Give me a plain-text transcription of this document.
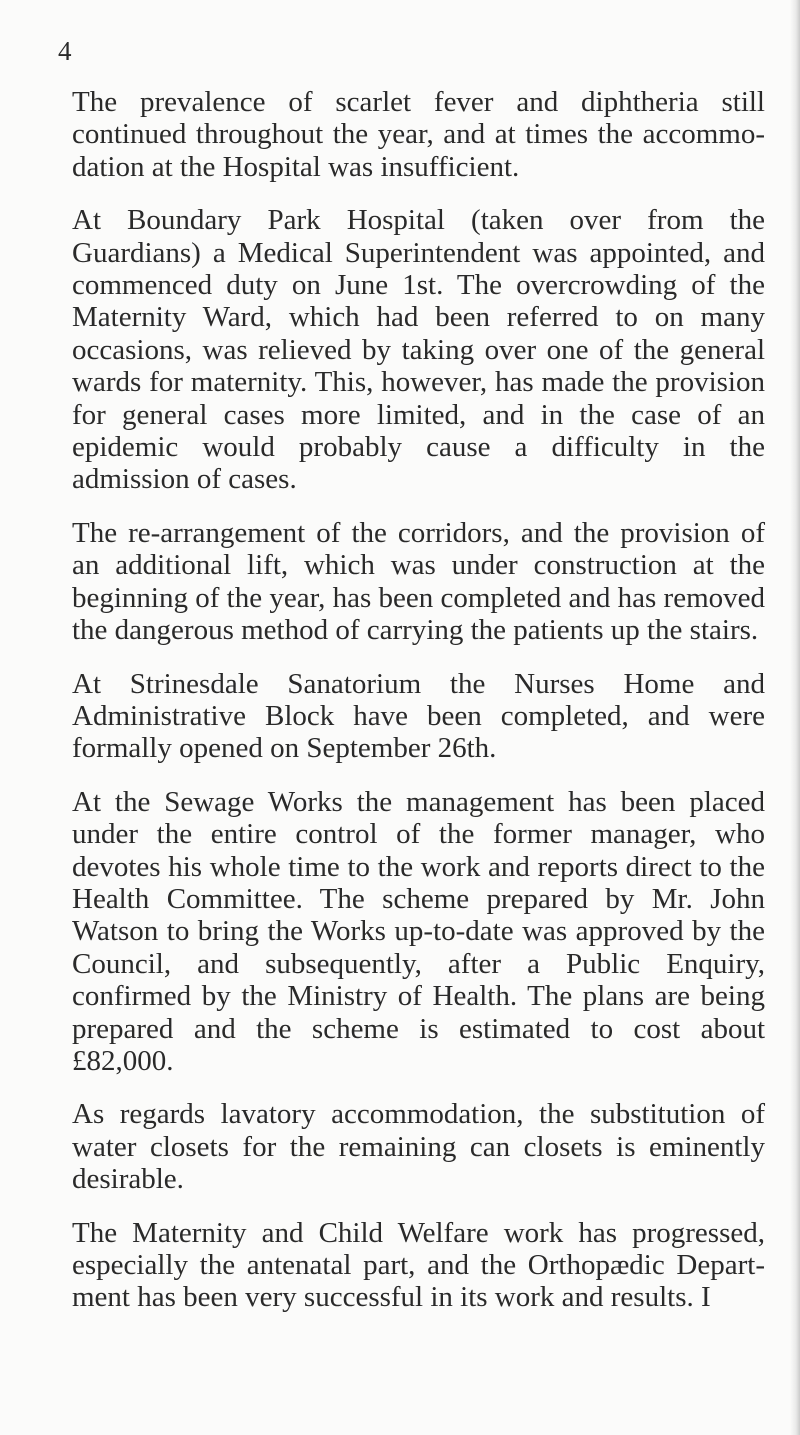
4

The prevalence of scarlet fever and diphtheria still continued throughout the year, and at times the accommodation at the Hospital was insufficient.

At Boundary Park Hospital (taken over from the Guardians) a Medical Superintendent was appointed, and commenced duty on June 1st. The overcrowding of the Maternity Ward, which had been referred to on many occasions, was relieved by taking over one of the general wards for maternity. This, however, has made the provision for general cases more limited, and in the case of an epidemic would probably cause a difficulty in the admission of cases.

The re-arrangement of the corridors, and the provision of an additional lift, which was under construction at the beginning of the year, has been completed and has removed the dangerous method of carrying the patients up the stairs.

At Strinesdale Sanatorium the Nurses Home and Administrative Block have been completed, and were formally opened on September 26th.

At the Sewage Works the management has been placed under the entire control of the former manager, who devotes his whole time to the work and reports direct to the Health Committee. The scheme prepared by Mr. John Watson to bring the Works up-to-date was approved by the Council, and subsequently, after a Public Enquiry, confirmed by the Ministry of Health. The plans are being prepared and the scheme is estimated to cost about £82,000.

As regards lavatory accommodation, the substitution of water closets for the remaining can closets is eminently desirable.

The Maternity and Child Welfare work has progressed, especially the antenatal part, and the Orthopædic Department has been very successful in its work and results. I
